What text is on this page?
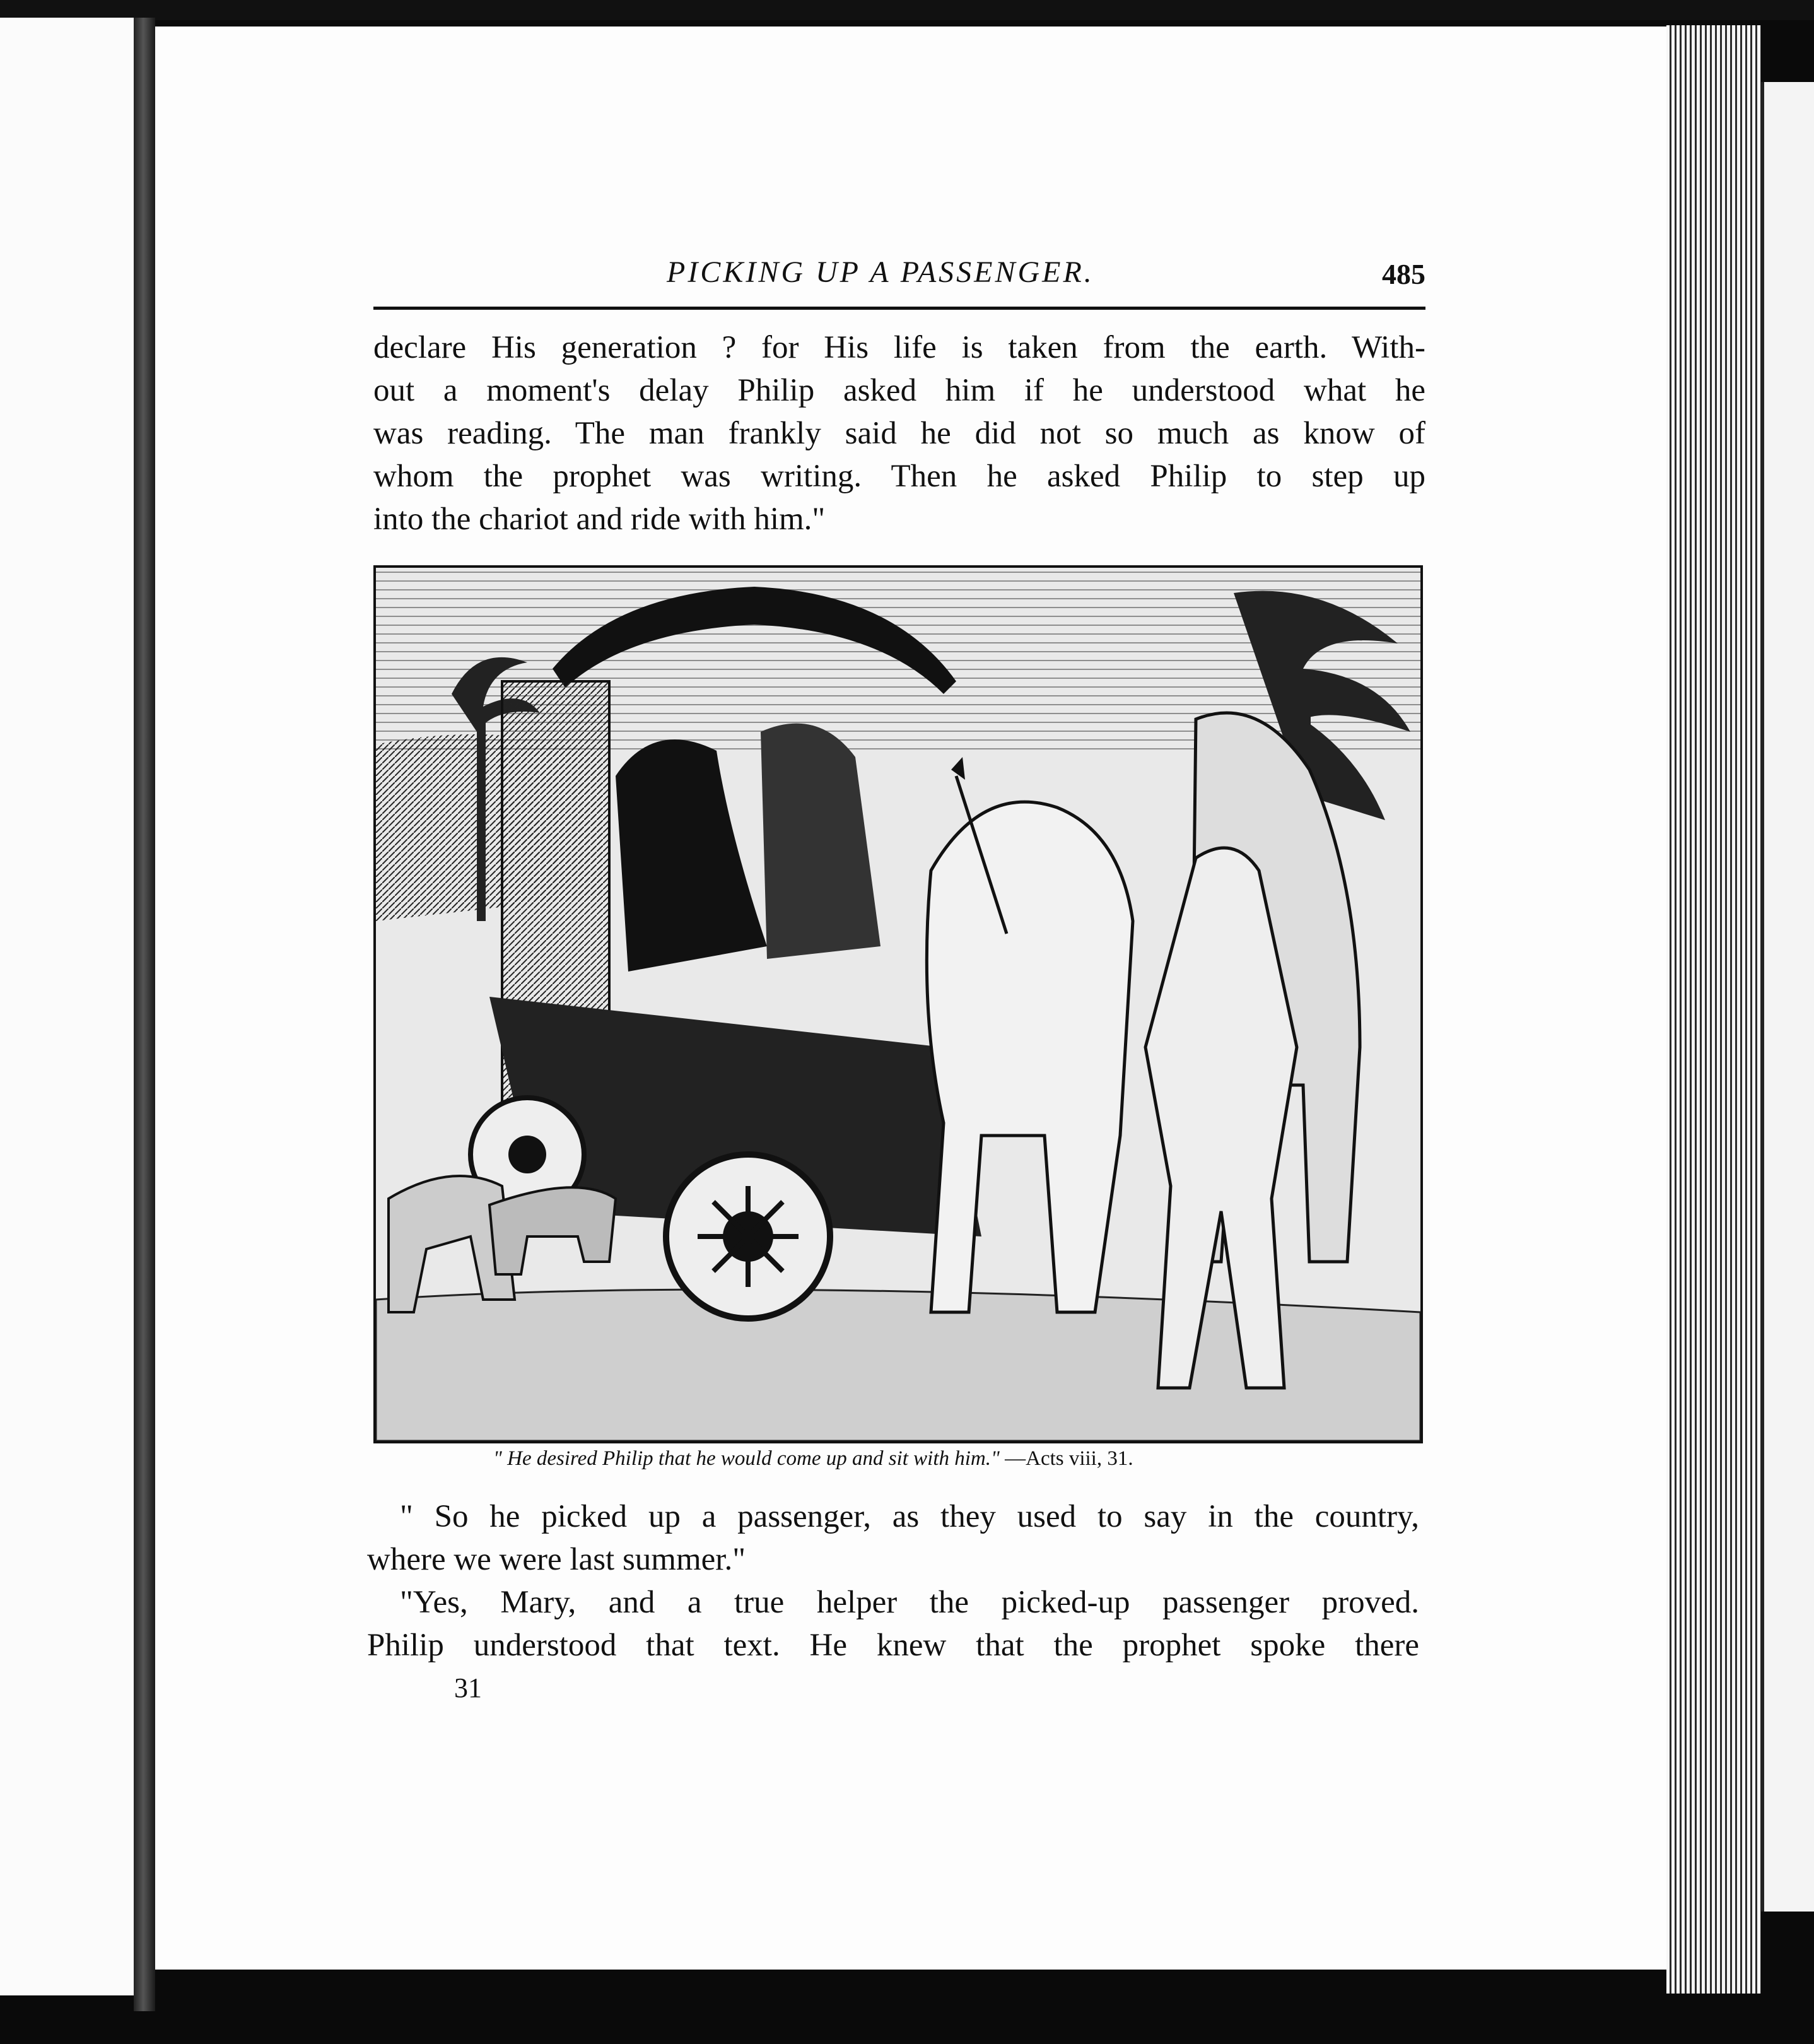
PICKING UP A PASSENGER.	485
declare His generation ? for His life is taken from the earth. With-
out a moment's delay Philip asked him if he understood what he
was reading. The man frankly said he did not so much as know of
whom the prophet was writing. Then he asked Philip to step up
into the chariot and ride with him."
" He desired Philip that he would come up and sit with him." —Acts viii, 31.
" So he picked up a passenger, as they used to say in the country,
where we were last summer."
"Yes, Mary, and a true helper the picked-up passenger proved.
Philip understood that text. He knew that the prophet spoke there
31
